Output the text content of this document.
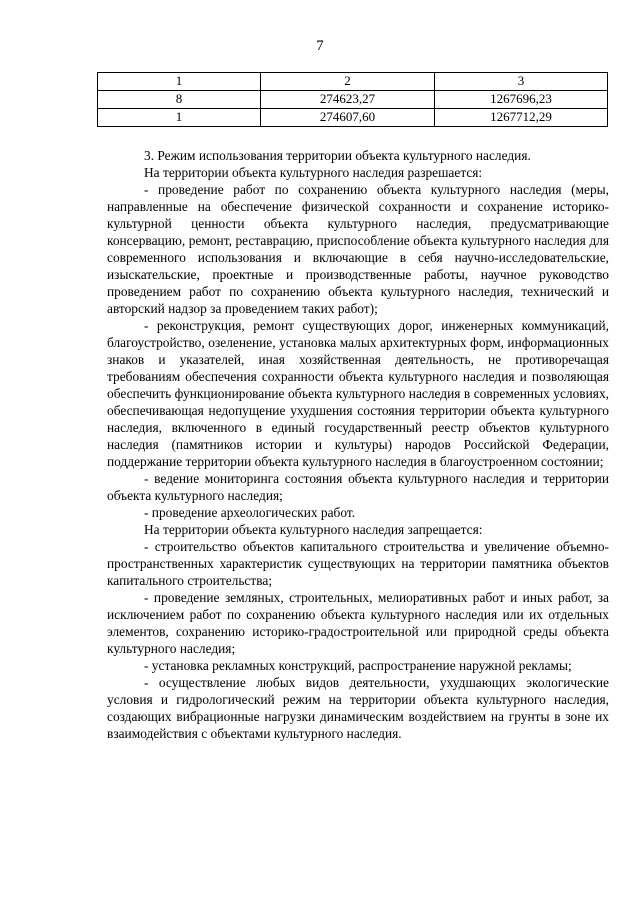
7
1	2	3
8	274623,27	1267696,23
1	274607,60	1267712,29

3. Режим использования территории объекта культурного наследия.

На территории объекта культурного наследия разрешается:

- проведение работ по сохранению объекта культурного наследия (меры, направленные на обеспечение физической сохранности и сохранение историко-культурной ценности объекта культурного наследия, предусматривающие консервацию, ремонт, реставрацию, приспособление объекта культурного наследия для современного использования и включающие в себя научно-исследовательские, изыскательские, проектные и производственные работы, научное руководство проведением работ по сохранению объекта культурного наследия, технический и авторский надзор за проведением таких работ);

- реконструкция, ремонт существующих дорог, инженерных коммуникаций, благоустройство, озеленение, установка малых архитектурных форм, информационных знаков и указателей, иная хозяйственная деятельность, не противоречащая требованиям обеспечения сохранности объекта культурного наследия и позволяющая обеспечить функционирование объекта культурного наследия в современных условиях, обеспечивающая недопущение ухудшения состояния территории объекта культурного наследия, включенного в единый государственный реестр объектов культурного наследия (памятников истории и культуры) народов Российской Федерации, поддержание территории объекта культурного наследия в благоустроенном состоянии;

- ведение мониторинга состояния объекта культурного наследия и территории объекта культурного наследия;

- проведение археологических работ.

На территории объекта культурного наследия запрещается:

- строительство объектов капитального строительства и увеличение объемно-пространственных характеристик существующих на территории памятника объектов капитального строительства;

- проведение земляных, строительных, мелиоративных работ и иных работ, за исключением работ по сохранению объекта культурного наследия или их отдельных элементов, сохранению историко-градостроительной или природной среды объекта культурного наследия;

- установка рекламных конструкций, распространение наружной рекламы;

- осуществление любых видов деятельности, ухудшающих экологические условия и гидрологический режим на территории объекта культурного наследия, создающих вибрационные нагрузки динамическим воздействием на грунты в зоне их взаимодействия с объектами культурного наследия.
